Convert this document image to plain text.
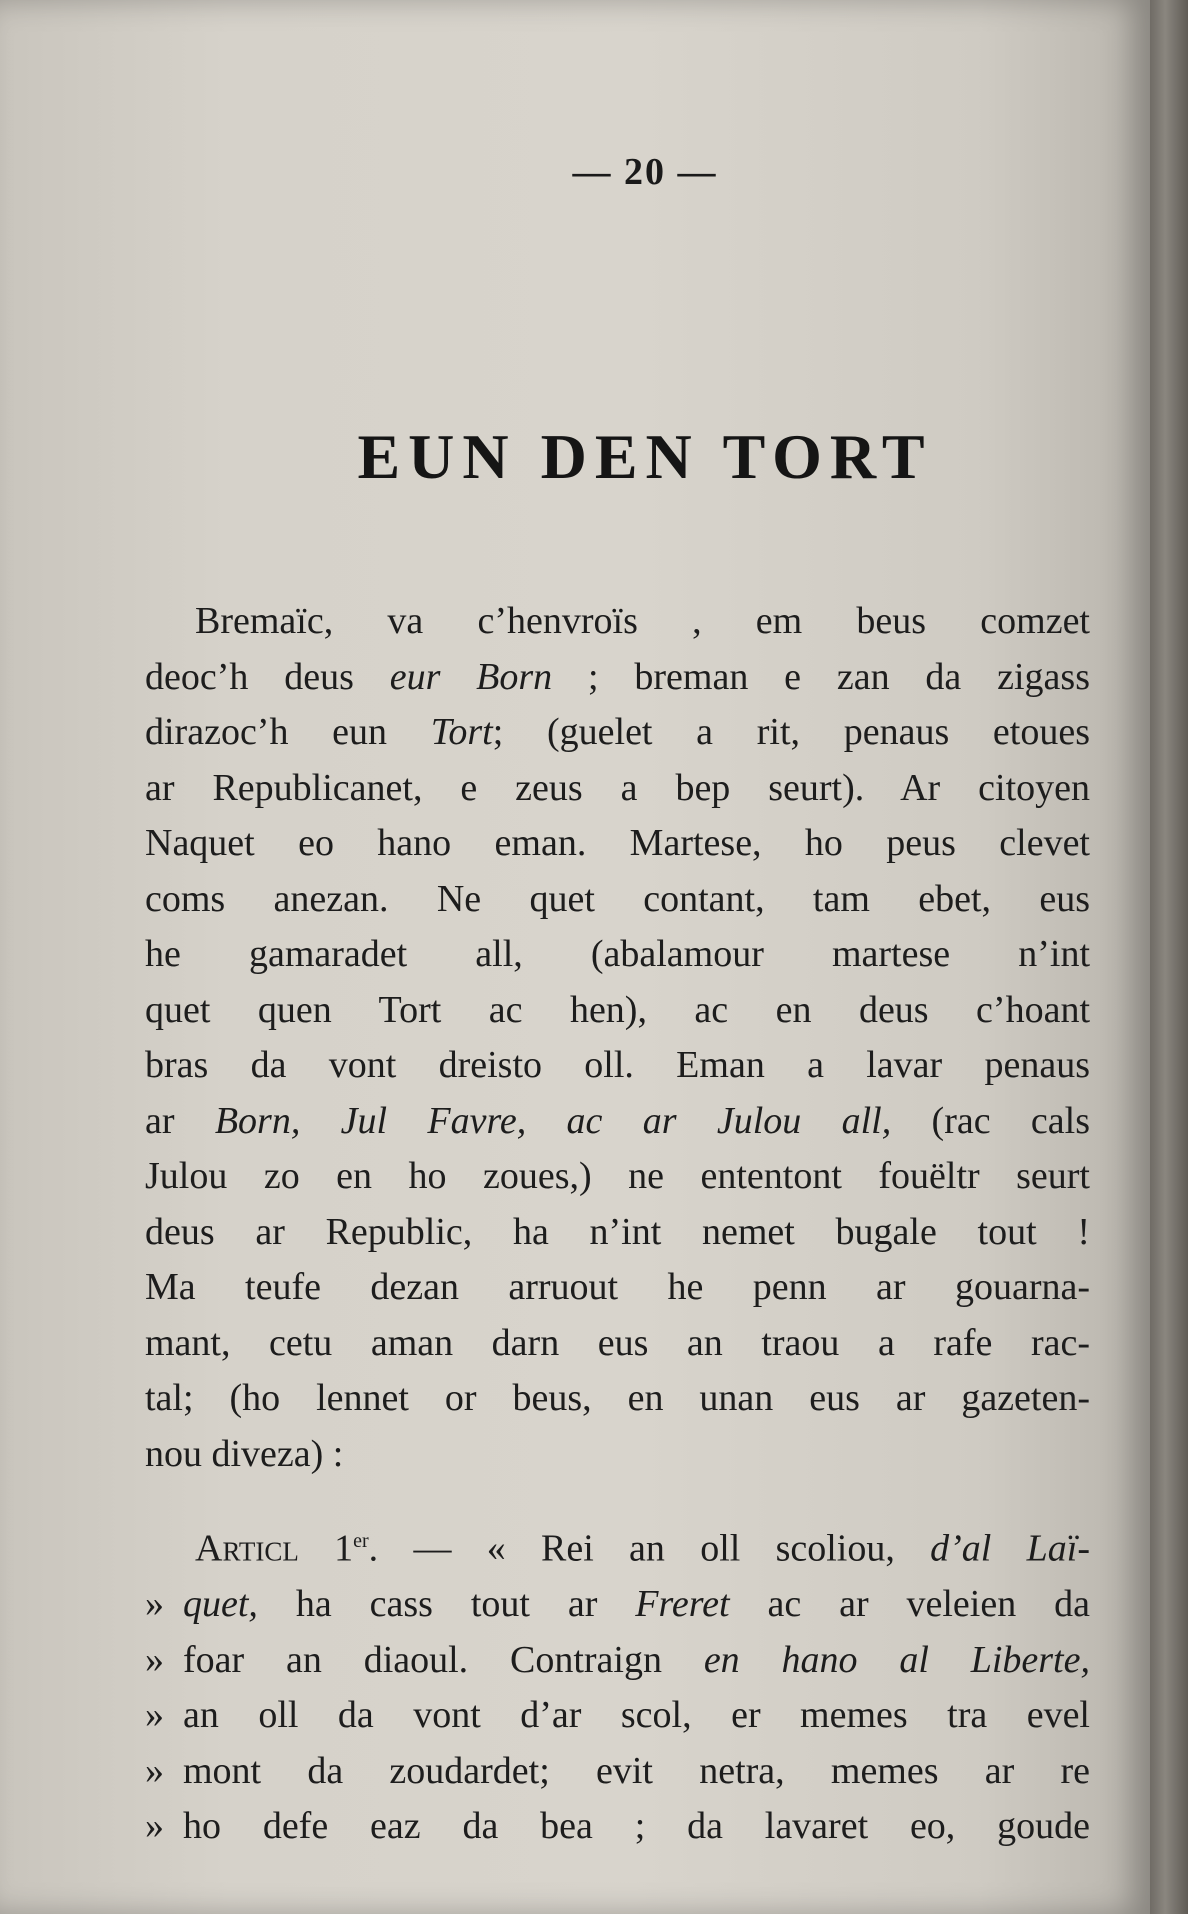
— 20 —
EUN DEN TORT
Bremaïc, va c’henvroïs , em beus comzet
deoc’h deus eur Born ; breman e zan da zigass
dirazoc’h eun Tort; (guelet a rit, penaus etoues
ar Republicanet, e zeus a bep seurt). Ar citoyen
Naquet eo hano eman. Martese, ho peus clevet
coms anezan. Ne quet contant, tam ebet, eus
he gamaradet all, (abalamour martese n’int
quet quen Tort ac hen), ac en deus c’hoant
bras da vont dreisto oll. Eman a lavar penaus
ar Born, Jul Favre, ac ar Julou all, (rac cals
Julou zo en ho zoues,) ne ententont fouëltr seurt
deus ar Republic, ha n’int nemet bugale tout !
Ma teufe dezan arruout he penn ar gouarna-
mant, cetu aman darn eus an traou a rafe rac-
tal; (ho lennet or beus, en unan eus ar gazeten-
nou diveza) :
Articl 1er. — « Rei an oll scoliou, d’al Laï-
» quet, ha cass tout ar Freret ac ar veleien da
» foar an diaoul. Contraign en hano al Liberte,
» an oll da vont d’ar scol, er memes tra evel
» mont da zoudardet; evit netra, memes ar re
» ho defe eaz da bea ; da lavaret eo, goude
